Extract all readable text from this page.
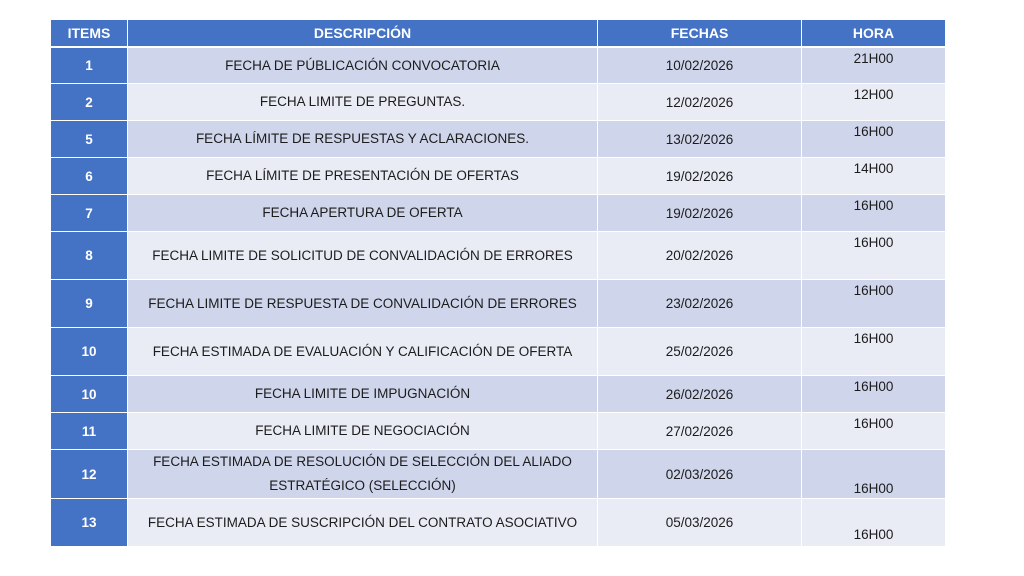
ITEMS	DESCRIPCIÓN	FECHAS	HORA
1	FECHA DE PÚBLICACIÓN CONVOCATORIA	10/02/2026	21H00

2	FECHA LIMITE DE PREGUNTAS.	12/02/2026	12H00

5	FECHA LÍMITE DE RESPUESTAS Y ACLARACIONES.	13/02/2026	16H00

6	FECHA LÍMITE DE PRESENTACIÓN DE OFERTAS	19/02/2026	14H00

7	FECHA APERTURA DE OFERTA	19/02/2026	16H00

8	FECHA LIMITE DE SOLICITUD DE CONVALIDACIÓN DE ERRORES	20/02/2026	16H00

9	FECHA LIMITE DE RESPUESTA DE CONVALIDACIÓN DE ERRORES	23/02/2026	16H00

10	FECHA ESTIMADA DE EVALUACIÓN Y CALIFICACIÓN DE OFERTA	25/02/2026	16H00

10	FECHA LIMITE DE IMPUGNACIÓN	26/02/2026	16H00

11	FECHA LIMITE DE NEGOCIACIÓN	27/02/2026	16H00

12	FECHA ESTIMADA DE RESOLUCIÓN DE SELECCIÓN DEL ALIADO ESTRATÉGICO (SELECCIÓN)	02/03/2026	16H00

13	FECHA ESTIMADA DE SUSCRIPCIÓN DEL CONTRATO ASOCIATIVO	05/03/2026	16H00
